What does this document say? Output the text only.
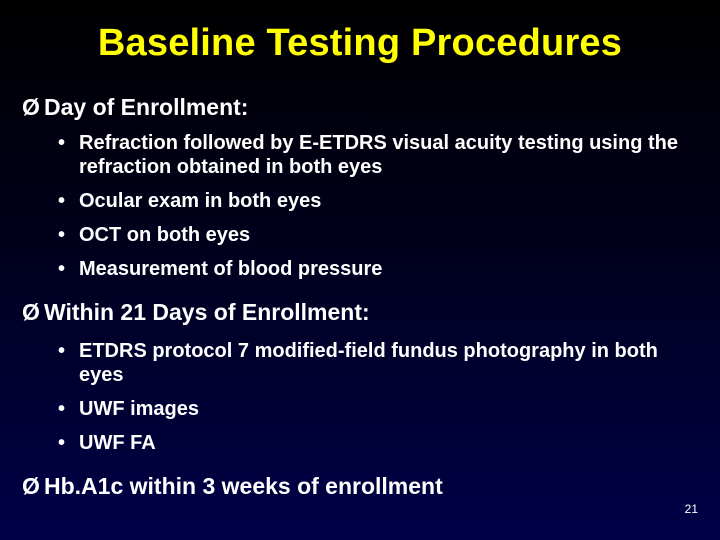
Baseline Testing Procedures
Ø Day of Enrollment:
• Refraction followed by E-ETDRS visual acuity testing using the refraction obtained in both eyes
• Ocular exam in both eyes
• OCT on both eyes
• Measurement of blood pressure
Ø Within 21 Days of Enrollment:
• ETDRS protocol 7 modified-field fundus photography in both eyes
• UWF images
• UWF FA
Ø Hb.A1c within 3 weeks of enrollment
21
